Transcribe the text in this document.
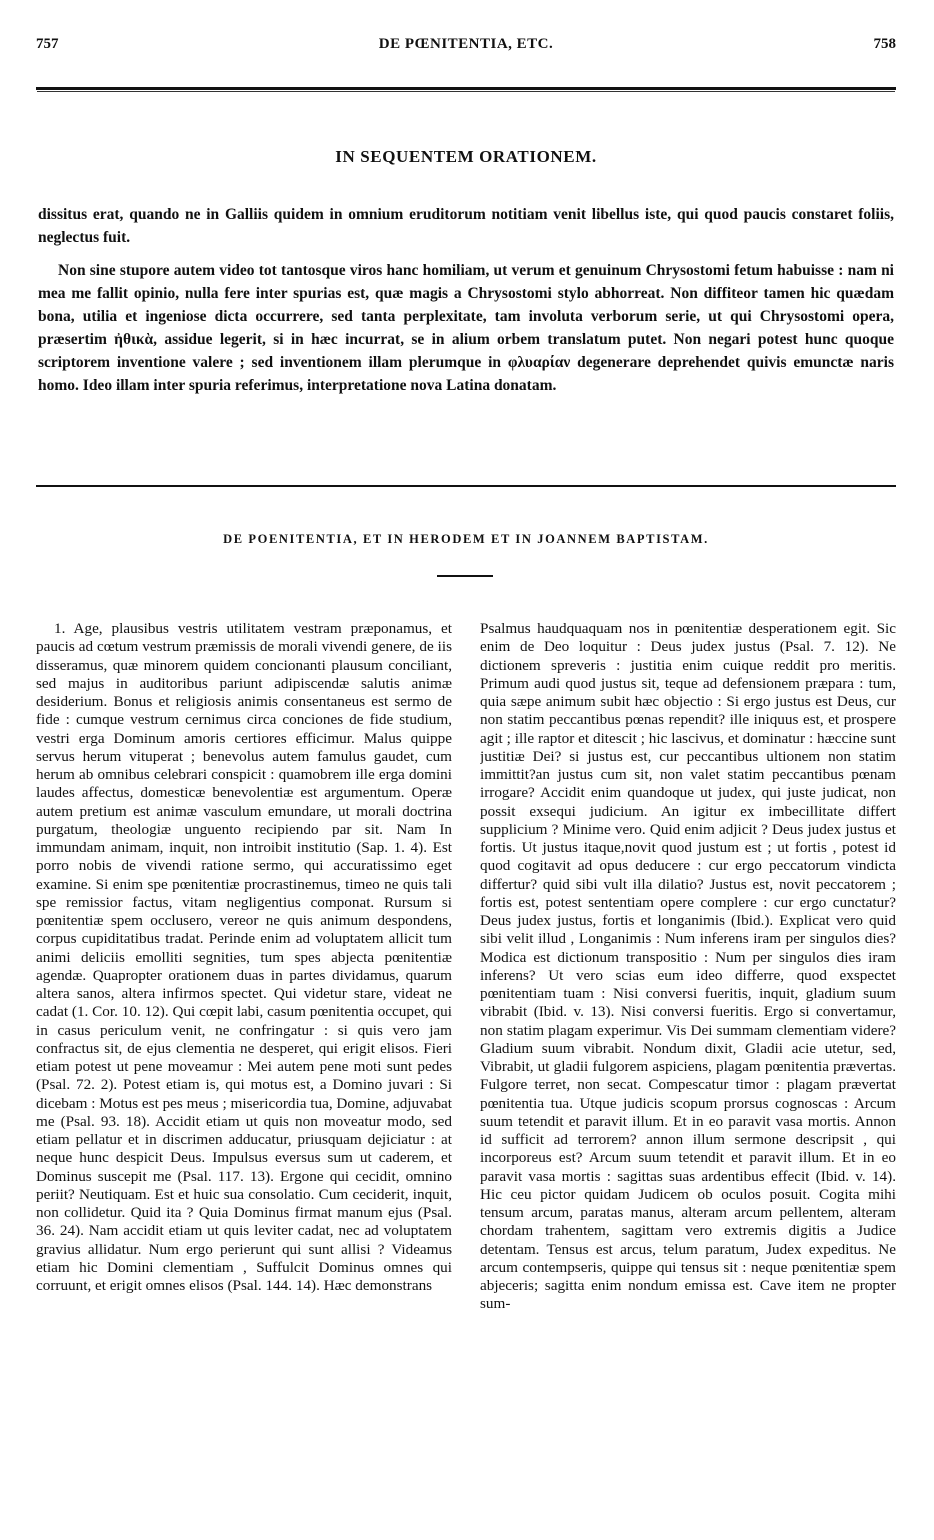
757	DE PŒNITENTIA, ETC.	758
IN SEQUENTEM ORATIONEM.

dissitus erat, quando ne in Galliis quidem in omnium eruditorum notitiam venit libellus iste, qui quod paucis constaret foliis, neglectus fuit.

Non sine stupore autem video tot tantosque viros hanc homiliam, ut verum et genuinum Chrysostomi fetum habuisse : nam ni mea me fallit opinio, nulla fere inter spurias est, quæ magis a Chrysostomi stylo abhorreat. Non diffiteor tamen hic quædam bona, utilia et ingeniose dicta occurrere, sed tanta perplexitate, tam involuta verborum serie, ut qui Chrysostomi opera, præsertim ἠθικὰ, assidue legerit, si in hæc incurrat, se in alium orbem translatum putet. Non negari potest hunc quoque scriptorem inventione valere ; sed inventionem illam plerumque in φλυαρίαν degenerare deprehendet quivis emunctæ naris homo. Ideo illam inter spuria referimus, interpretatione nova Latina donatam.

DE POENITENTIA, ET IN HERODEM ET IN JOANNEM BAPTISTAM.

1. Age, plausibus vestris utilitatem vestram præponamus, et paucis ad cœtum vestrum præmissis de morali vivendi genere, de iis disseramus, quæ minorem quidem concionanti plausum conciliant, sed majus in auditoribus pariunt adipiscendæ salutis animæ desiderium. Bonus et religiosis animis consentaneus est sermo de fide : cumque vestrum cernimus circa conciones de fide studium, vestri erga Dominum amoris certiores efficimur. Malus quippe servus herum vituperat ; benevolus autem famulus gaudet, cum herum ab omnibus celebrari conspicit : quamobrem ille erga domini laudes affectus, domesticæ benevolentiæ est argumentum. Operæ autem pretium est animæ vasculum emundare, ut morali doctrina purgatum, theologiæ unguento recipiendo par sit. Nam In immundam animam, inquit, non introibit institutio (Sap. 1. 4). Est porro nobis de vivendi ratione sermo, qui accuratissimo eget examine. Si enim spe pœnitentiæ procrastinemus, timeo ne quis tali spe remissior factus, vitam negligentius componat. Rursum si pœnitentiæ spem occlusero, vereor ne quis animum despondens, corpus cupiditatibus tradat. Perinde enim ad voluptatem allicit tum animi deliciis emolliti segnities, tum spes abjecta pœnitentiæ agendæ. Quapropter orationem duas in partes dividamus, quarum altera sanos, altera infirmos spectet. Qui videtur stare, videat ne cadat (1. Cor. 10. 12). Qui cœpit labi, casum pœnitentia occupet, qui in casus periculum venit, ne confringatur : si quis vero jam confractus sit, de ejus clementia ne desperet, qui erigit elisos. Fieri etiam potest ut pene moveamur : Mei autem pene moti sunt pedes (Psal. 72. 2). Potest etiam is, qui motus est, a Domino juvari : Si dicebam : Motus est pes meus ; misericordia tua, Domine, adjuvabat me (Psal. 93. 18). Accidit etiam ut quis non moveatur modo, sed etiam pellatur et in discrimen adducatur, priusquam dejiciatur : at neque hunc despicit Deus. Impulsus eversus sum ut caderem, et Dominus suscepit me (Psal. 117. 13). Ergone qui cecidit, omnino periit? Neutiquam. Est et huic sua consolatio. Cum ceciderit, inquit, non collidetur. Quid ita ? Quia Dominus firmat manum ejus (Psal. 36. 24). Nam accidit etiam ut quis leviter cadat, nec ad voluptatem gravius allidatur. Num ergo perierunt qui sunt allisi ? Videamus etiam hic Domini clementiam , Suffulcit Dominus omnes qui corruunt, et erigit omnes elisos (Psal. 144. 14). Hæc demonstrans

Psalmus haudquaquam nos in pœnitentiæ desperationem egit. Sic enim de Deo loquitur : Deus judex justus (Psal. 7. 12). Ne dictionem spreveris : justitia enim cuique reddit pro meritis. Primum audi quod justus sit, teque ad defensionem præpara : tum, quia sæpe animum subit hæc objectio : Si ergo justus est Deus, cur non statim peccantibus pœnas rependit? ille iniquus est, et prospere agit ; ille raptor et ditescit ; hic lascivus, et dominatur : hæccine sunt justitiæ Dei? si justus est, cur peccantibus ultionem non statim immittit?an justus cum sit, non valet statim peccantibus pœnam irrogare? Accidit enim quandoque ut judex, qui juste judicat, non possit exsequi judicium. An igitur ex imbecillitate differt supplicium ? Minime vero. Quid enim adjicit ? Deus judex justus et fortis. Ut justus itaque,novit quod justum est ; ut fortis , potest id quod cogitavit ad opus deducere : cur ergo peccatorum vindicta differtur? quid sibi vult illa dilatio? Justus est, novit peccatorem ; fortis est, potest sententiam opere complere : cur ergo cunctatur? Deus judex justus, fortis et longanimis (Ibid.). Explicat vero quid sibi velit illud , Longanimis : Num inferens iram per singulos dies? Modica est dictionum transpositio : Num per singulos dies iram inferens? Ut vero scias eum ideo differre, quod exspectet pœnitentiam tuam : Nisi conversi fueritis, inquit, gladium suum vibrabit (Ibid. v. 13). Nisi conversi fueritis. Ergo si convertamur, non statim plagam experimur. Vis Dei summam clementiam videre? Gladium suum vibrabit. Nondum dixit, Gladii acie utetur, sed, Vibrabit, ut gladii fulgorem aspiciens, plagam pœnitentia prævertas. Fulgore terret, non secat. Compescatur timor : plagam prævertat pœnitentia tua. Utque judicis scopum prorsus cognoscas : Arcum suum tetendit et paravit illum. Et in eo paravit vasa mortis. Annon id sufficit ad terrorem? annon illum sermone descripsit , qui incorporeus est? Arcum suum tetendit et paravit illum. Et in eo paravit vasa mortis : sagittas suas ardentibus effecit (Ibid. v. 14). Hic ceu pictor quidam Judicem ob oculos posuit. Cogita mihi tensum arcum, paratas manus, alteram arcum pellentem, alteram chordam trahentem, sagittam vero extremis digitis a Judice detentam. Tensus est arcus, telum paratum, Judex expeditus. Ne arcum contempseris, quippe qui tensus sit : neque pœnitentiæ spem abjeceris; sagitta enim nondum emissa est. Cave item ne propter sum-
